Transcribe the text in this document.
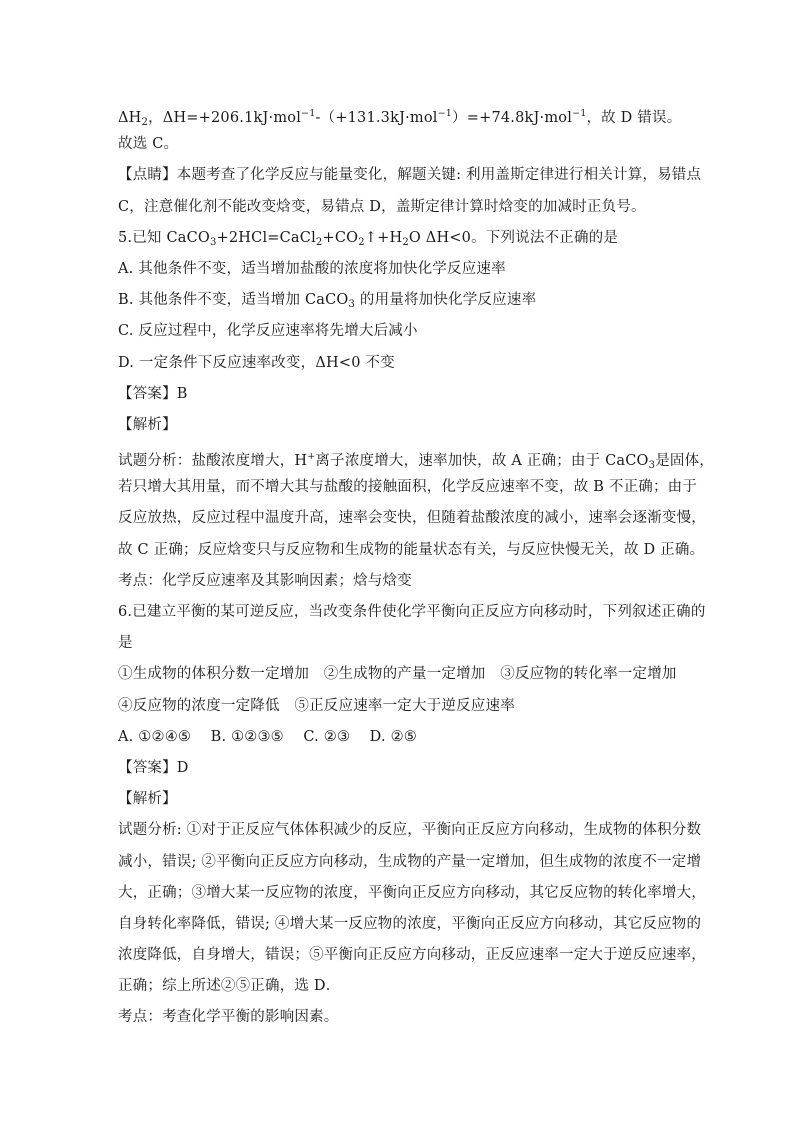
$\Delta H_2$，ΔH=+206.1kJ·mol$^{-1}$-（+131.3kJ·mol$^{-1}$）=+74.8kJ·mol$^{-1}$，故 D 错误。
故选 C。
【点睛】本题考查了化学反应与能量变化，解题关键: 利用盖斯定律进行相关计算，易错点
C，注意催化剂不能改变焓变，易错点 D，盖斯定律计算时焓变的加减时正负号。
5.已知 $CaCO_3+2HCl=CaCl_2+CO_2↑+H_2O$ ΔH<0。下列说法不正确的是
A. 其他条件不变，适当增加盐酸的浓度将加快化学反应速率
B. 其他条件不变，适当增加 CaCO$_3$ 的用量将加快化学反应速率
C. 反应过程中，化学反应速率将先增大后减小
D. 一定条件下反应速率改变，ΔH<0 不变
【答案】B
【解析】
试题分析：盐酸浓度增大，H+离子浓度增大，速率加快，故 A 正确；由于 CaCO$_3$是固体，
若只增大其用量，而不增大其与盐酸的接触面积，化学反应速率不变，故 B 不正确；由于
反应放热，反应过程中温度升高，速率会变快，但随着盐酸浓度的减小，速率会逐渐变慢，
故 C 正确；反应焓变只与反应物和生成物的能量状态有关，与反应快慢无关，故 D 正确。
考点：化学反应速率及其影响因素；焓与焓变
6.已建立平衡的某可逆反应，当改变条件使化学平衡向正反应方向移动时，下列叙述正确的
是
①生成物的体积分数一定增加　②生成物的产量一定增加　③反应物的转化率一定增加
④反应物的浓度一定降低　⑤正反应速率一定大于逆反应速率
A. ①②④⑤　 B. ①②③⑤　 C. ②③　 D. ②⑤
【答案】D
【解析】
试题分析: ①对于正反应气体体积减少的反应，平衡向正反应方向移动，生成物的体积分数
减小，错误; ②平衡向正反应方向移动，生成物的产量一定增加，但生成物的浓度不一定增
大，正确；③增大某一反应物的浓度，平衡向正反应方向移动，其它反应物的转化率增大，
自身转化率降低，错误; ④增大某一反应物的浓度，平衡向正反应方向移动，其它反应物的
浓度降低，自身增大，错误；⑤平衡向正反应方向移动，正反应速率一定大于逆反应速率，
正确；综上所述②⑤正确，选 D．
考点：考查化学平衡的影响因素。
